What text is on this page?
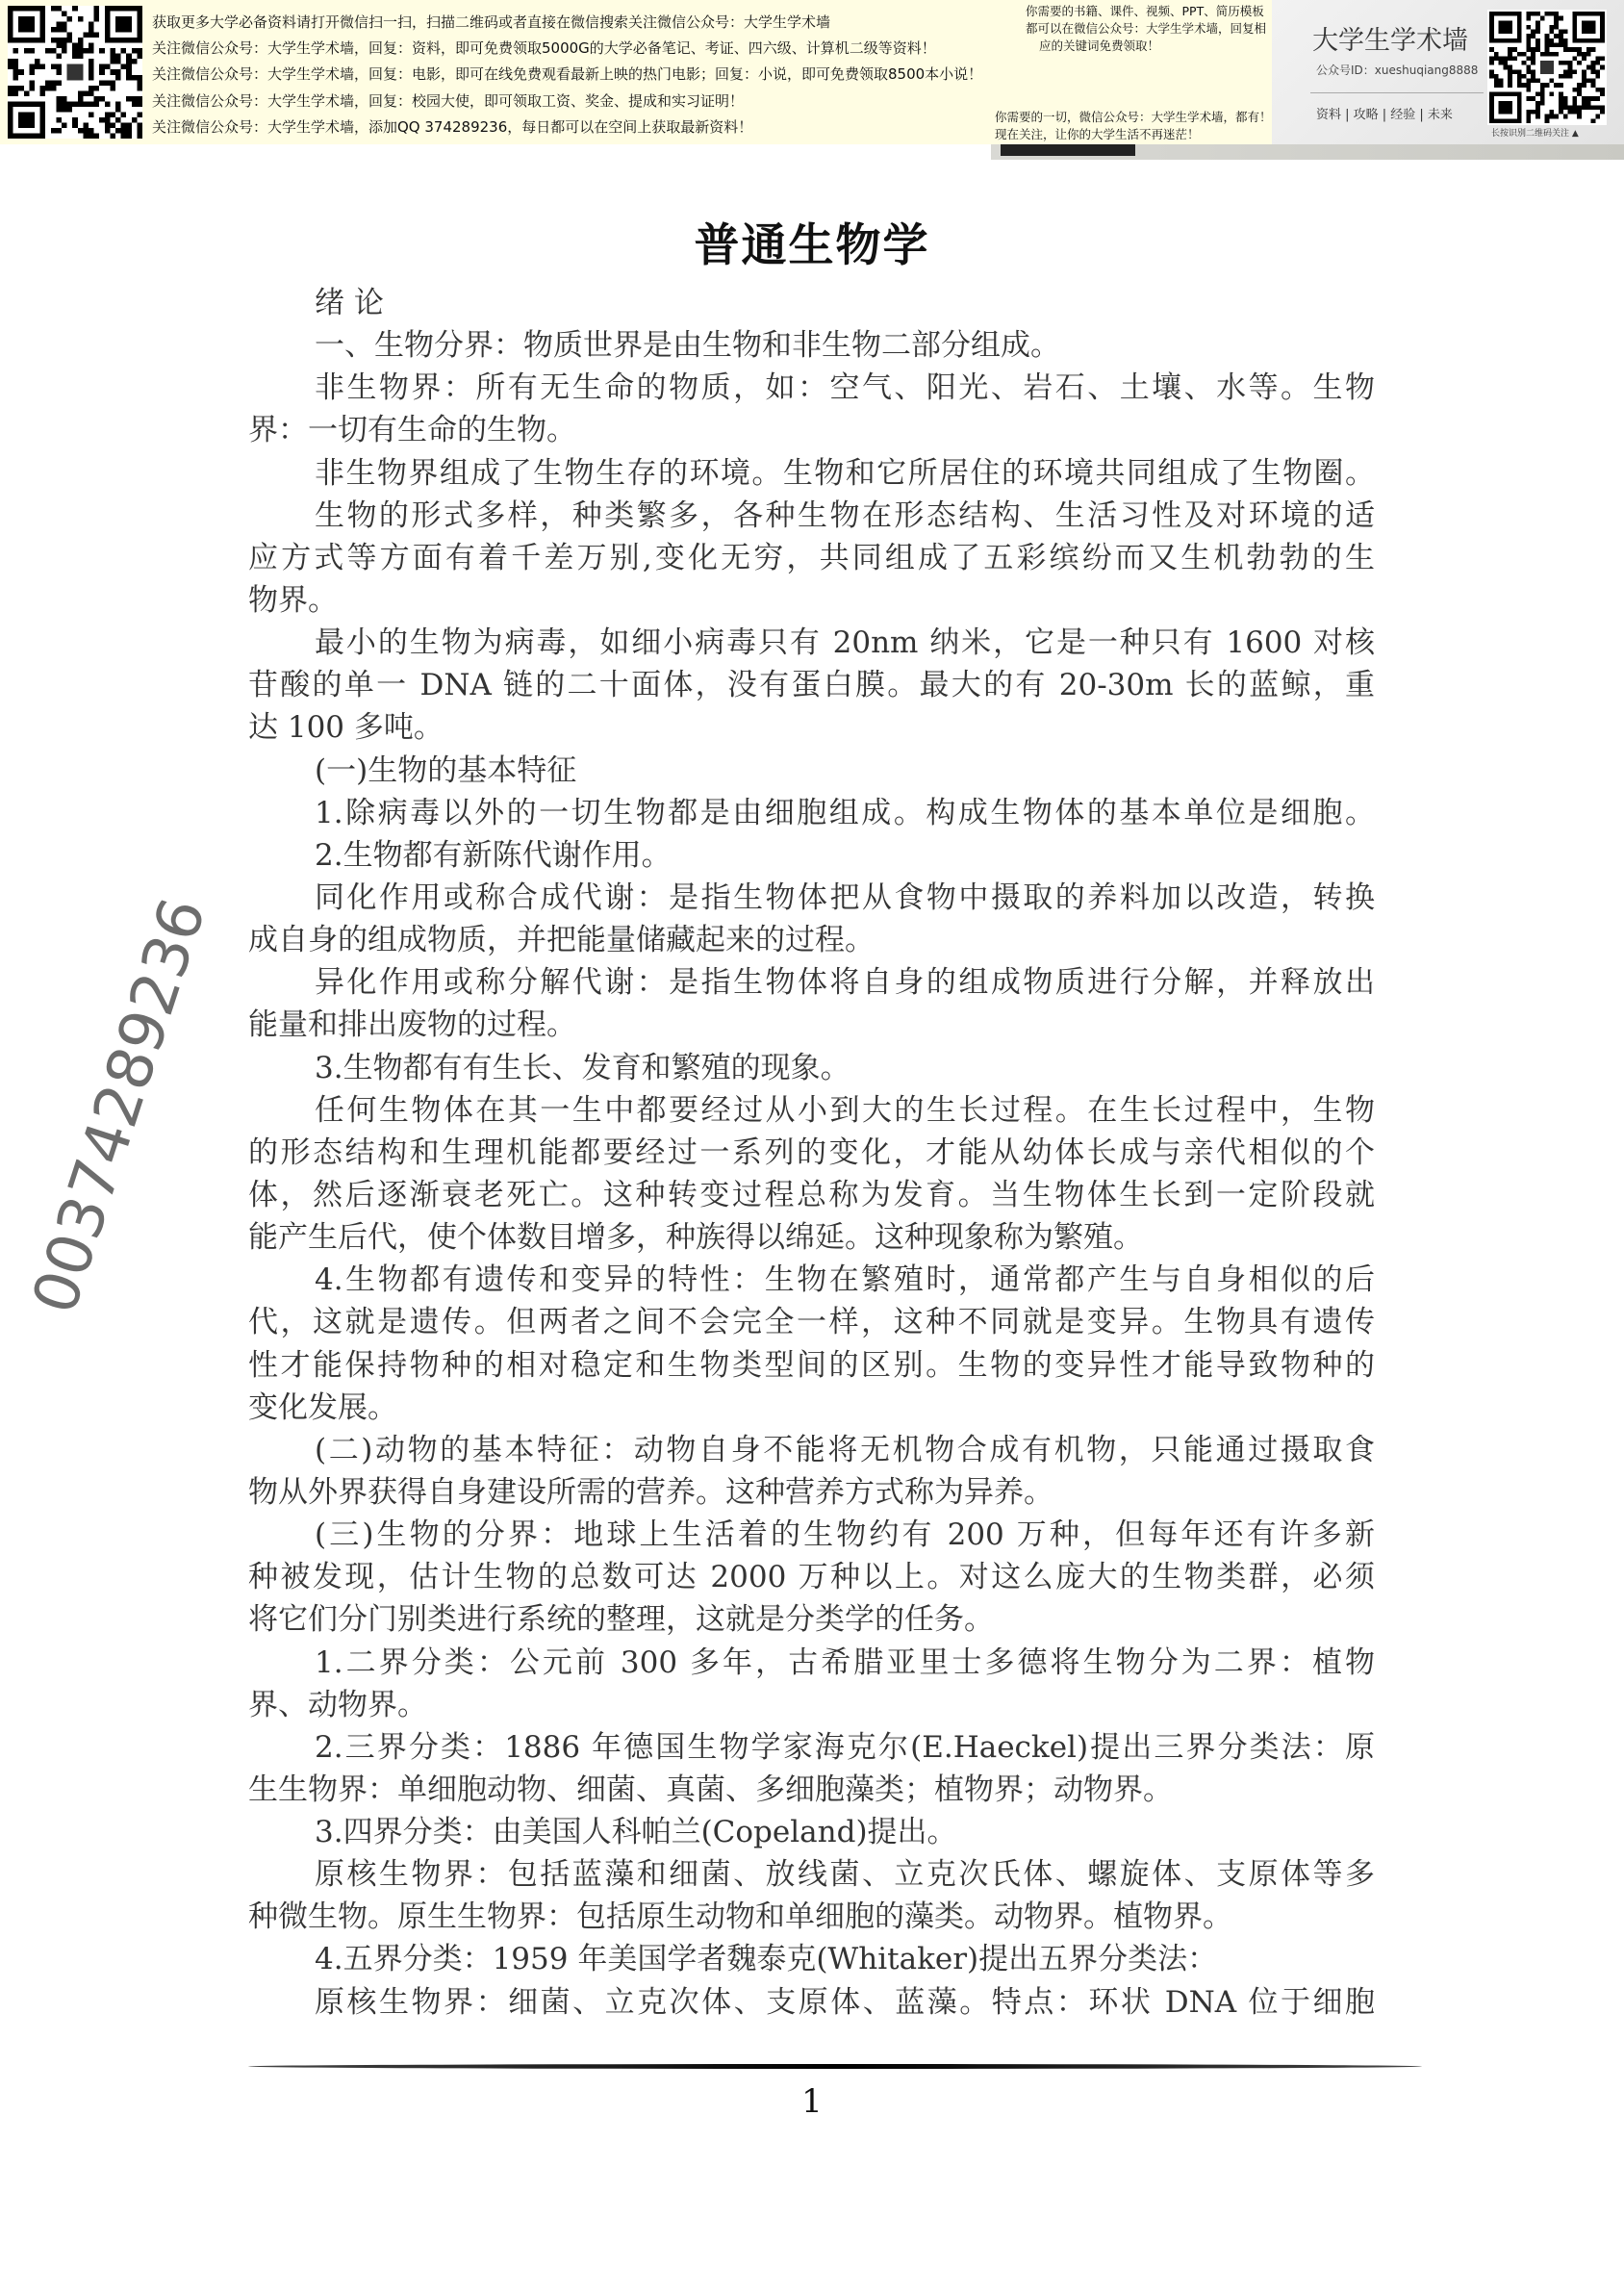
获取更多大学必备资料请打开微信扫一扫，扫描二维码或者直接在微信搜索关注微信公众号：大学生学术墙
关注微信公众号：大学生学术墙，回复：资料，即可免费领取5000G的大学必备笔记、考证、四六级、计算机二级等资料！
关注微信公众号：大学生学术墙，回复：电影，即可在线免费观看最新上映的热门电影；回复：小说，即可免费领取8500本小说！
关注微信公众号：大学生学术墙，回复：校园大使，即可领取工资、奖金、提成和实习证明！
关注微信公众号：大学生学术墙，添加QQ 374289236，每日都可以在空间上获取最新资料！
你需要的书籍、课件、视频、PPT、简历模板
都可以在微信公众号：大学生学术墙，回复相
应的关键词免费领取！
你需要的一切，微信公众号：大学生学术墙，都有！
现在关注，让你的大学生活不再迷茫！
大学生学术墙
公众号ID：xueshuqiang8888
资料 | 攻略 | 经验 | 未来
长按识别二维码关注 ▲
普通生物学
绪 论
一、生物分界：物质世界是由生物和非生物二部分组成。
非生物界：所有无生命的物质，如：空气、阳光、岩石、土壤、水等。生物
界：一切有生命的生物。
非生物界组成了生物生存的环境。生物和它所居住的环境共同组成了生物圈。
生物的形式多样，种类繁多，各种生物在形态结构、生活习性及对环境的适
应方式等方面有着千差万别,变化无穷，共同组成了五彩缤纷而又生机勃勃的生
物界。
最小的生物为病毒，如细小病毒只有 20nm 纳米，它是一种只有 1600 对核
苷酸的单一 DNA 链的二十面体，没有蛋白膜。最大的有 20-30m 长的蓝鲸，重
达 100 多吨。
(一)生物的基本特征
1.除病毒以外的一切生物都是由细胞组成。构成生物体的基本单位是细胞。
2.生物都有新陈代谢作用。
同化作用或称合成代谢：是指生物体把从食物中摄取的养料加以改造，转换
成自身的组成物质，并把能量储藏起来的过程。
异化作用或称分解代谢：是指生物体将自身的组成物质进行分解，并释放出
能量和排出废物的过程。
3.生物都有有生长、发育和繁殖的现象。
任何生物体在其一生中都要经过从小到大的生长过程。在生长过程中，生物
的形态结构和生理机能都要经过一系列的变化，才能从幼体长成与亲代相似的个
体，然后逐渐衰老死亡。这种转变过程总称为发育。当生物体生长到一定阶段就
能产生后代，使个体数目增多，种族得以绵延。这种现象称为繁殖。
4.生物都有遗传和变异的特性：生物在繁殖时，通常都产生与自身相似的后
代，这就是遗传。但两者之间不会完全一样，这种不同就是变异。生物具有遗传
性才能保持物种的相对稳定和生物类型间的区别。生物的变异性才能导致物种的
变化发展。
(二)动物的基本特征：动物自身不能将无机物合成有机物，只能通过摄取食
物从外界获得自身建设所需的营养。这种营养方式称为异养。
(三)生物的分界：地球上生活着的生物约有 200 万种，但每年还有许多新
种被发现，估计生物的总数可达 2000 万种以上。对这么庞大的生物类群，必须
将它们分门别类进行系统的整理，这就是分类学的任务。
1.二界分类：公元前 300 多年，古希腊亚里士多德将生物分为二界：植物
界、动物界。
2.三界分类：1886 年德国生物学家海克尔(E.Haeckel)提出三界分类法：原
生生物界：单细胞动物、细菌、真菌、多细胞藻类；植物界；动物界。
3.四界分类：由美国人科帕兰(Copeland)提出。
原核生物界：包括蓝藻和细菌、放线菌、立克次氏体、螺旋体、支原体等多
种微生物。原生生物界：包括原生动物和单细胞的藻类。动物界。植物界。
4.五界分类：1959 年美国学者魏泰克(Whitaker)提出五界分类法：
原核生物界：细菌、立克次体、支原体、蓝藻。特点：环状 DNA 位于细胞
00374289236
1
